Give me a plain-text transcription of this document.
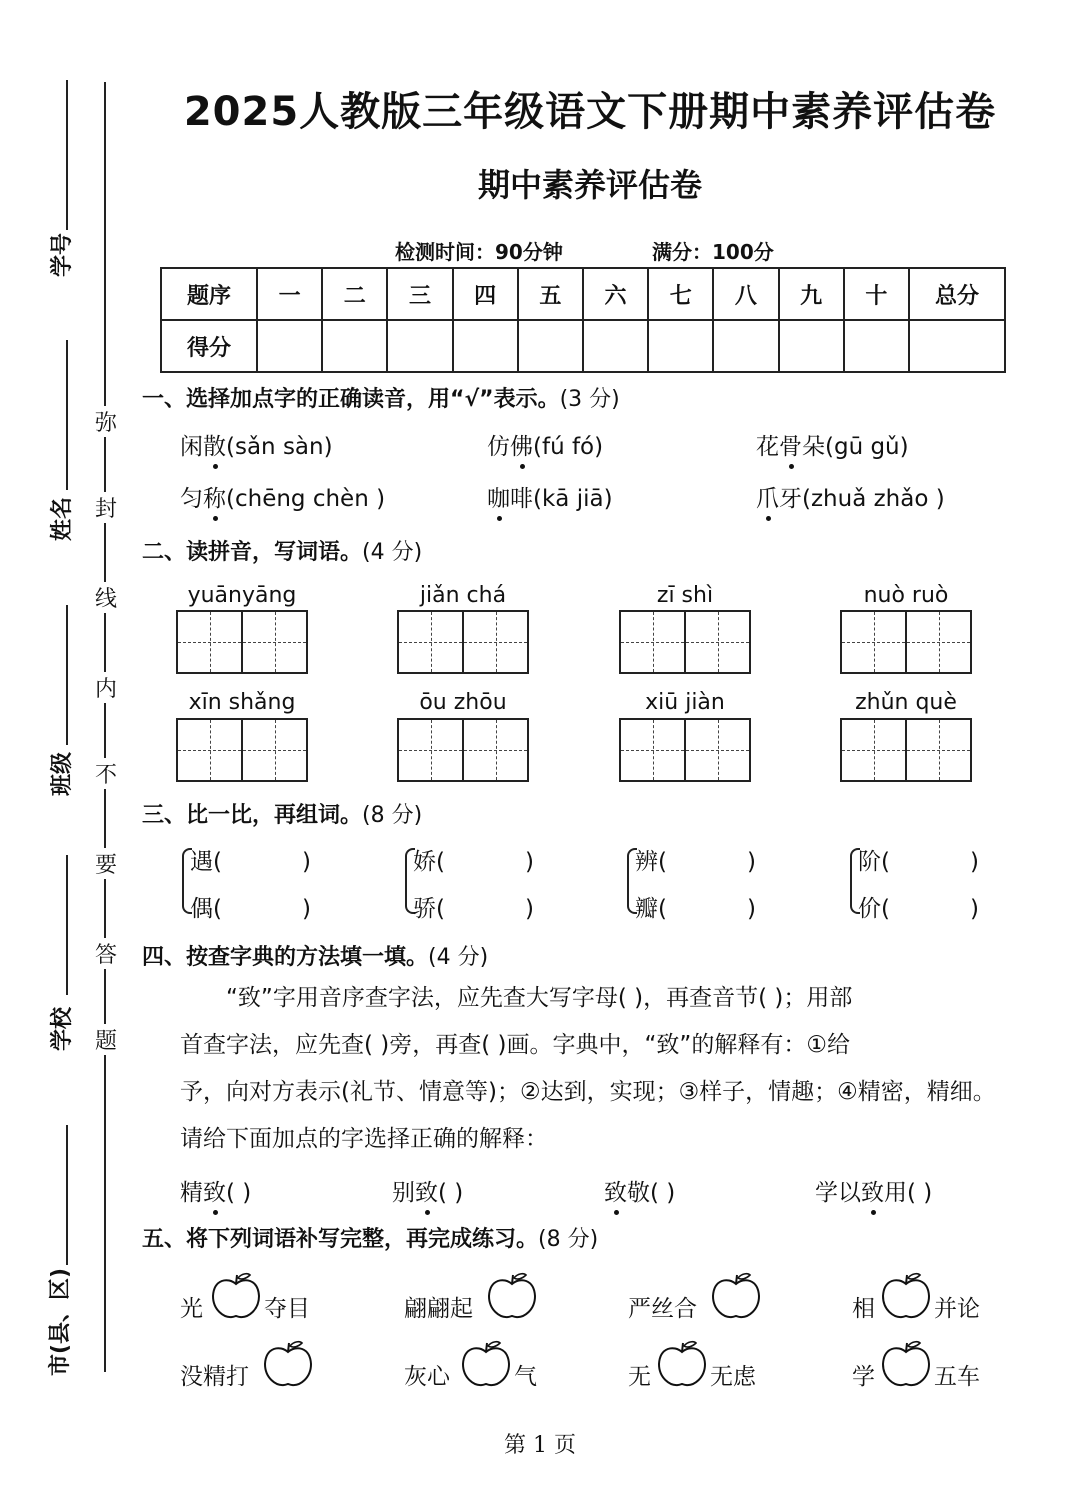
学号
姓名
班级
学校
市(县、区)
弥
封
线
内
不
要
答
题
2025人教版三年级语文下册期中素养评估卷
期中素养评估卷
检测时间：90分钟	满分：100分
题序	一	二	三	四	五	六	七	八	九	十	总分
得分											
一、选择加点字的正确读音，用“√”表示。(3 分)
闲散(sǎn sàn)	仿佛(fú fó)	花骨朵(gū gǔ)
匀称(chēng chèn )	咖啡(kā jiā)	爪牙(zhuǎ zhǎo )
二、读拼音，写词语。(4 分)
yuānyāng	jiǎn chá	zī shì	nuò ruò
xīn shǎng	ōu zhōu	xiū jiàn	zhǔn què
三、比一比，再组词。(8 分)
遇(	)
偶(	)
娇(	)
骄(	)
辨(	)
瓣(	)
阶(	)
价(	)
四、按查字典的方法填一填。(4 分)
“致”字用音序查字法，应先查大写字母( )，再查音节( )；用部
首查字法，应先查( )旁，再查( )画。字典中，“致”的解释有：①给
予，向对方表示(礼节、情意等)；②达到，实现；③样子，情趣；④精密，精细。
请给下面加点的字选择正确的解释：
精致( )	别致( )	致敬( )	学以致用( )
五、将下列词语补写完整，再完成练习。(8 分)
光	夺目	翩翩起	严丝合	相	并论
没精打	灰心	气	无	无虑	学	五车
第 1 页
